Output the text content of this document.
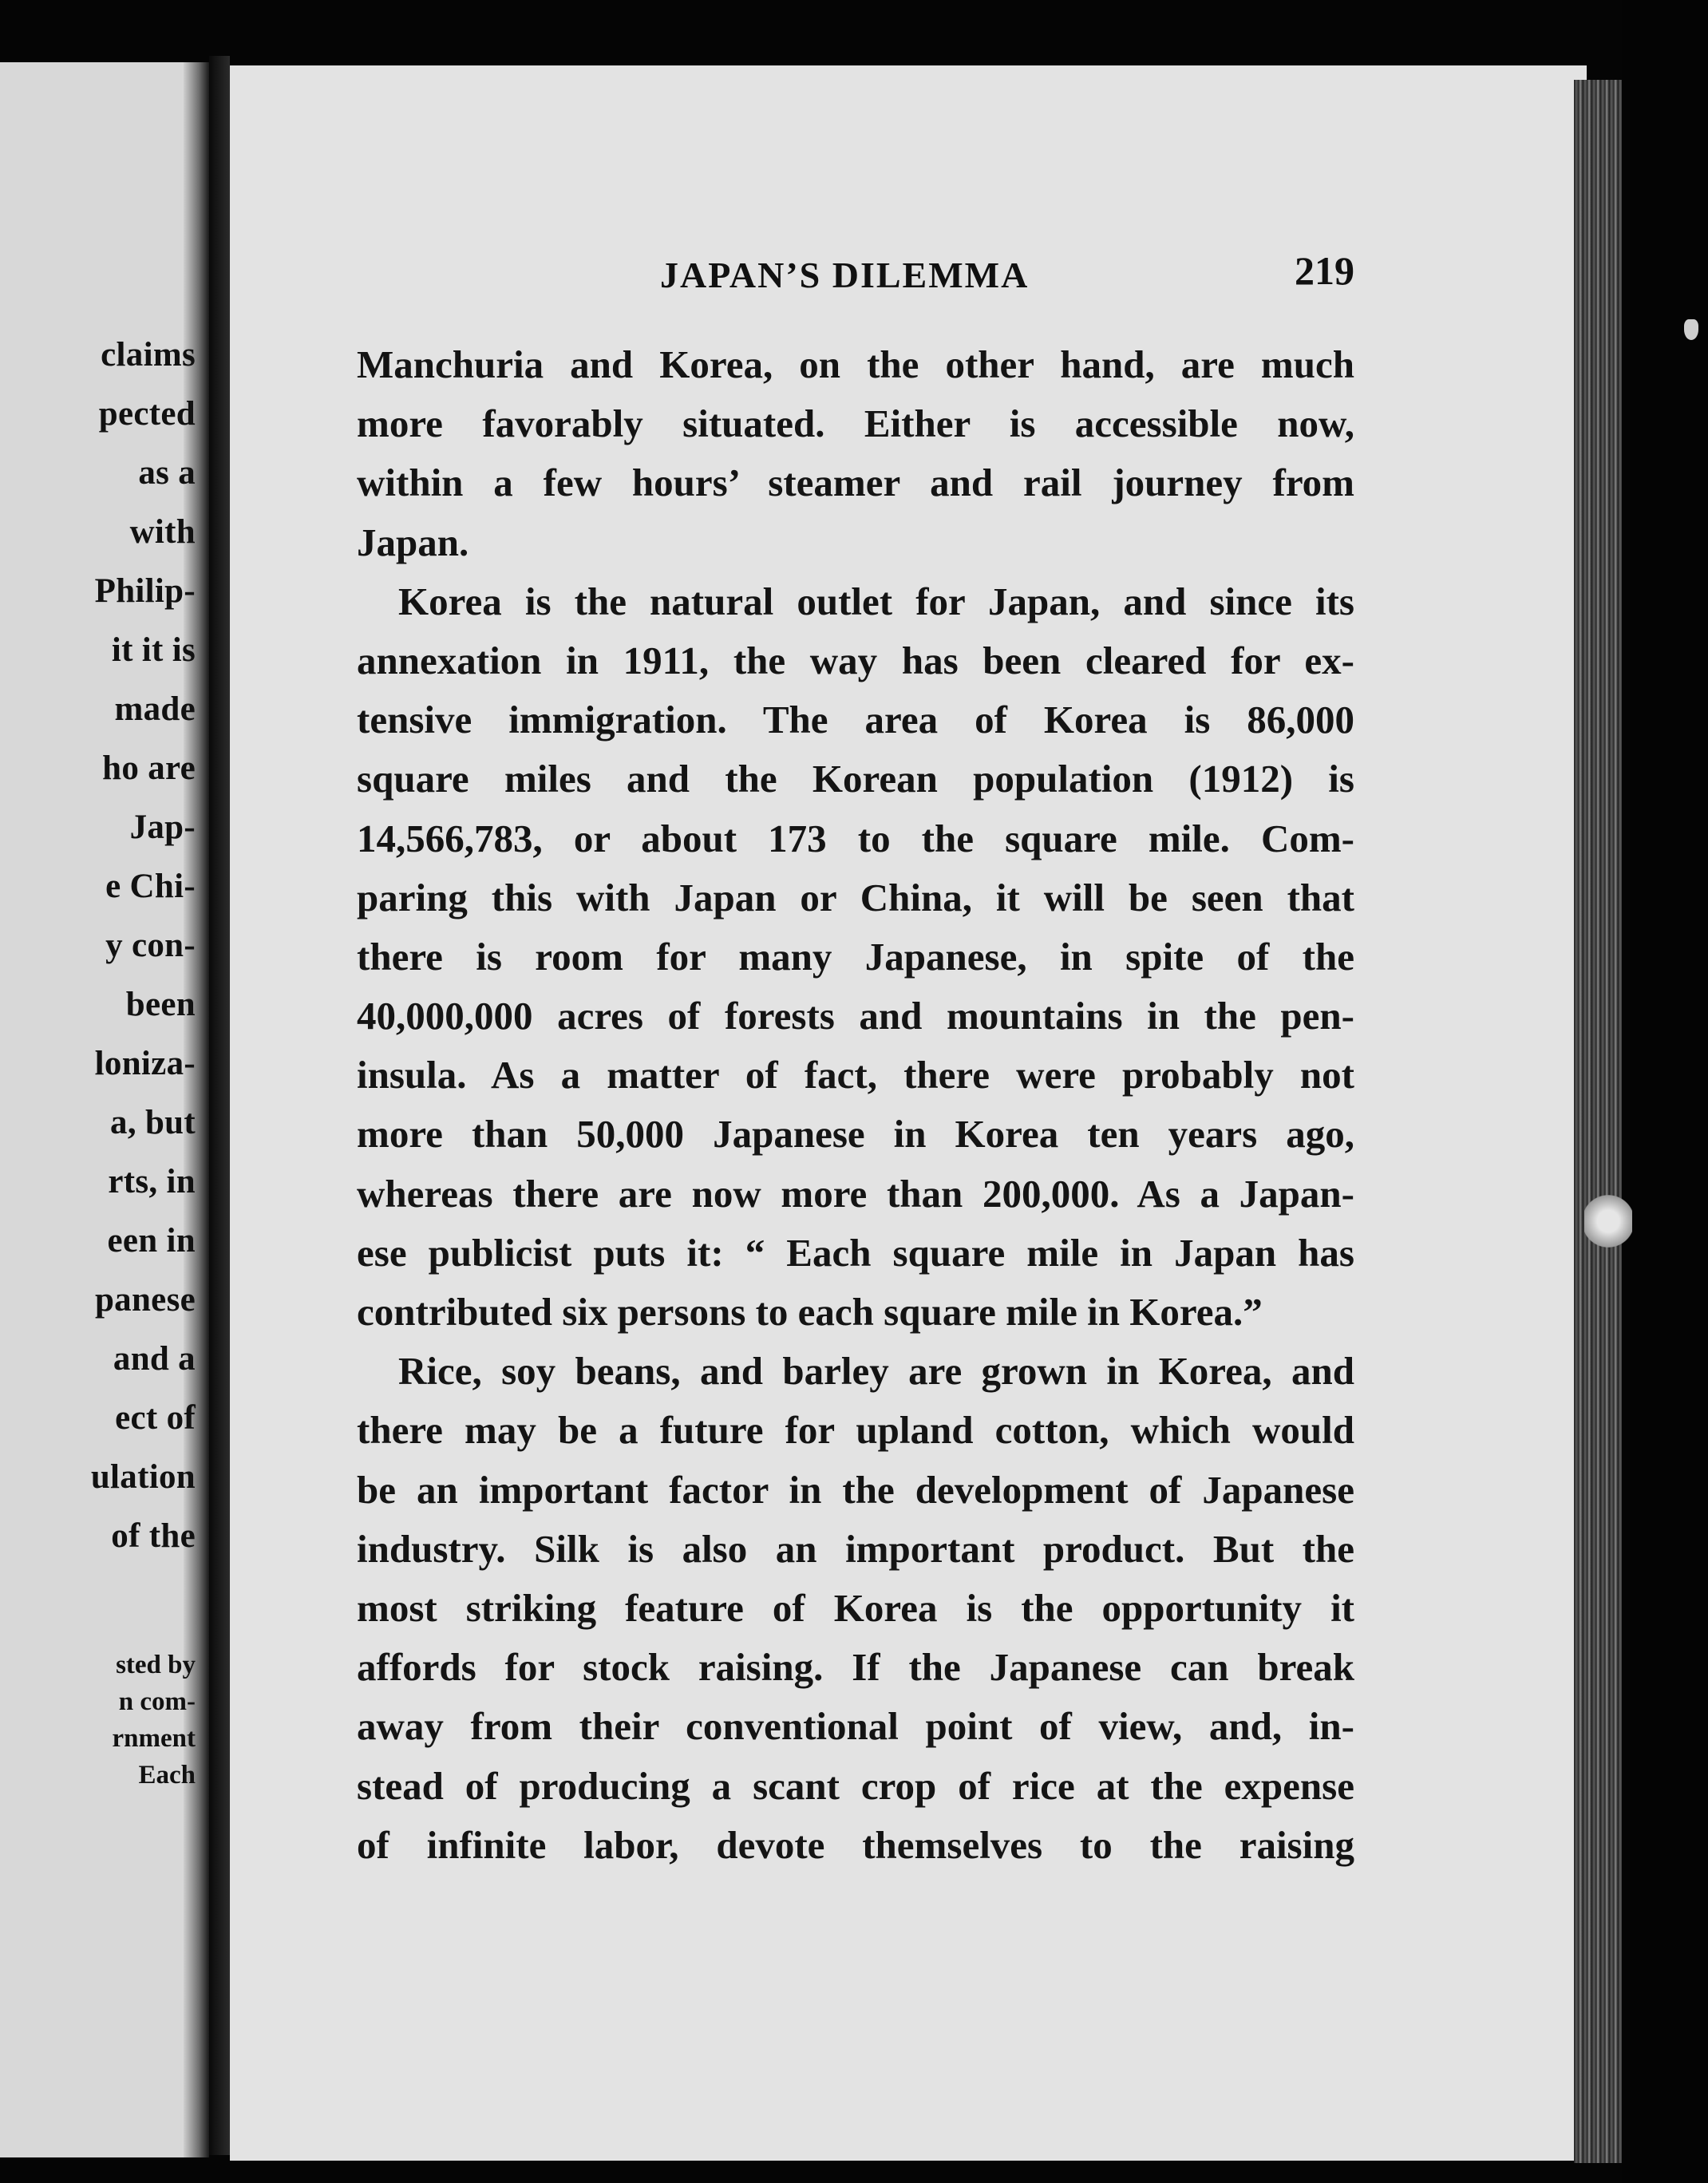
claims
pected
as a
with
Philip-
it it is
made
ho are
Jap-
e Chi-
y con-
been
loniza-
a, but
rts, in
een in
panese
and a
ect of
ulation
of the
sted by
n com-
rnment
Each
JAPAN’S DILEMMA	219
Manchuria and Korea, on the other hand, are much
more favorably situated. Either is accessible now,
within a few hours’ steamer and rail journey from
Japan.
Korea is the natural outlet for Japan, and since its
annexation in 1911, the way has been cleared for ex-
tensive immigration. The area of Korea is 86,000
square miles and the Korean population (1912) is
14,566,783, or about 173 to the square mile. Com-
paring this with Japan or China, it will be seen that
there is room for many Japanese, in spite of the
40,000,000 acres of forests and mountains in the pen-
insula. As a matter of fact, there were probably not
more than 50,000 Japanese in Korea ten years ago,
whereas there are now more than 200,000. As a Japan-
ese publicist puts it: “ Each square mile in Japan has
contributed six persons to each square mile in Korea.”
Rice, soy beans, and barley are grown in Korea, and
there may be a future for upland cotton, which would
be an important factor in the development of Japanese
industry. Silk is also an important product. But the
most striking feature of Korea is the opportunity it
affords for stock raising. If the Japanese can break
away from their conventional point of view, and, in-
stead of producing a scant crop of rice at the expense
of infinite labor, devote themselves to the raising
